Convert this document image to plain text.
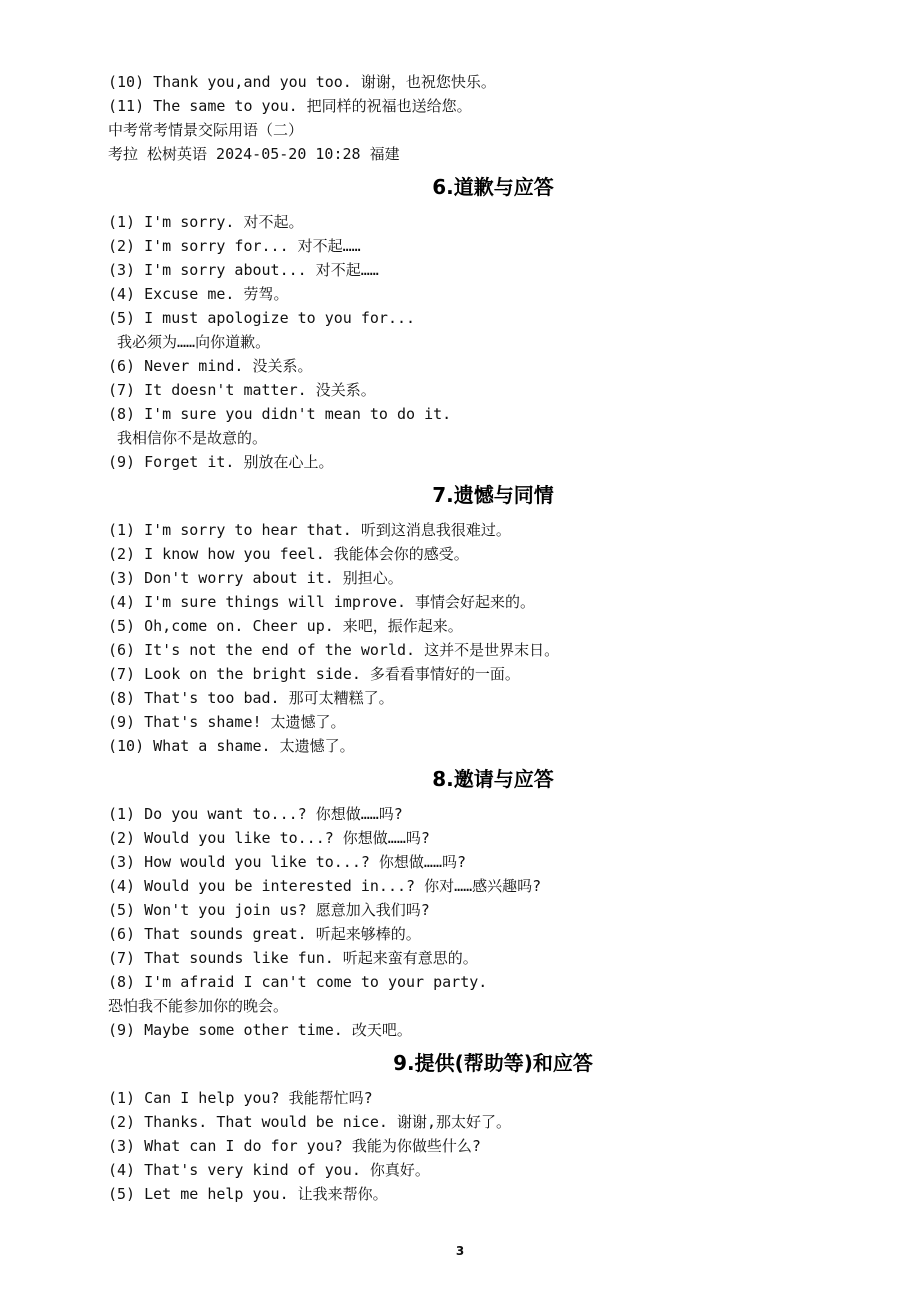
(10) Thank you,and you too. 谢谢，也祝您快乐。
(11) The same to you. 把同样的祝福也送给您。
中考常考情景交际用语（二）
考拉 松树英语 2024-05-20 10:28 福建
6.道歉与应答
(1) I'm sorry. 对不起。
(2) I'm sorry for... 对不起……
(3) I'm sorry about... 对不起……
(4) Excuse me. 劳驾。
(5) I must apologize to you for...
我必须为……向你道歉。
(6) Never mind. 没关系。
(7) It doesn't matter. 没关系。
(8) I'm sure you didn't mean to do it.
我相信你不是故意的。
(9) Forget it. 别放在心上。
7.遗憾与同情
(1) I'm sorry to hear that. 听到这消息我很难过。
(2) I know how you feel. 我能体会你的感受。
(3) Don't worry about it. 别担心。
(4) I'm sure things will improve. 事情会好起来的。
(5) Oh,come on. Cheer up. 来吧，振作起来。
(6) It's not the end of the world. 这并不是世界末日。
(7) Look on the bright side. 多看看事情好的一面。
(8) That's too bad. 那可太糟糕了。
(9) That's shame! 太遗憾了。
(10) What a shame. 太遗憾了。
8.邀请与应答
(1) Do you want to...? 你想做……吗?
(2) Would you like to...? 你想做……吗?
(3) How would you like to...? 你想做……吗?
(4) Would you be interested in...? 你对……感兴趣吗?
(5) Won't you join us? 愿意加入我们吗?
(6) That sounds great. 听起来够棒的。
(7) That sounds like fun. 听起来蛮有意思的。
(8) I'm afraid I can't come to your party.
恐怕我不能参加你的晚会。
(9) Maybe some other time. 改天吧。
9.提供(帮助等)和应答
(1) Can I help you? 我能帮忙吗?
(2) Thanks. That would be nice. 谢谢,那太好了。
(3) What can I do for you? 我能为你做些什么?
(4) That's very kind of you. 你真好。
(5) Let me help you. 让我来帮你。
3
